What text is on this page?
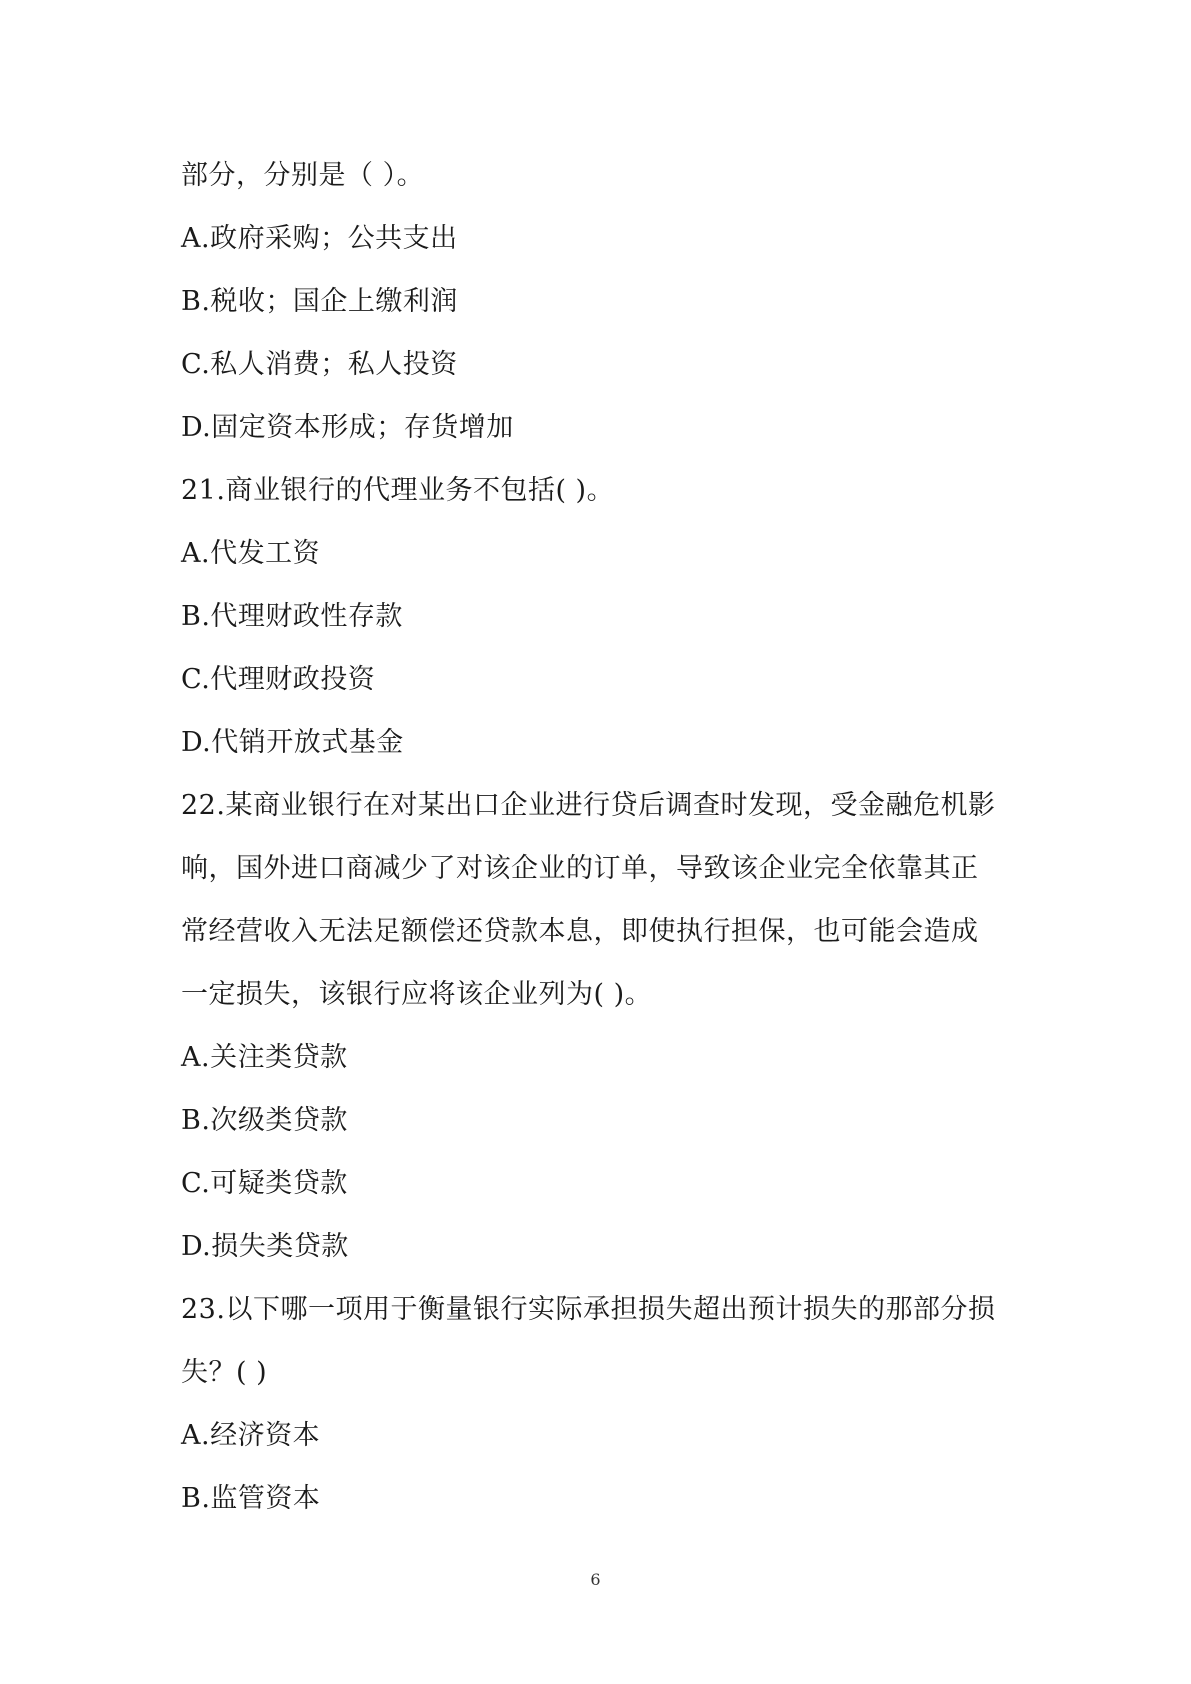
部分，分别是（ ）。
A.政府采购；公共支出
B.税收；国企上缴利润
C.私人消费；私人投资
D.固定资本形成；存货增加
21.商业银行的代理业务不包括( )。
A.代发工资
B.代理财政性存款
C.代理财政投资
D.代销开放式基金
22.某商业银行在对某出口企业进行贷后调查时发现，受金融危机影
响，国外进口商减少了对该企业的订单，导致该企业完全依靠其正
常经营收入无法足额偿还贷款本息，即使执行担保，也可能会造成
一定损失，该银行应将该企业列为( )。
A.关注类贷款
B.次级类贷款
C.可疑类贷款
D.损失类贷款
23.以下哪一项用于衡量银行实际承担损失超出预计损失的那部分损
失？( )
A.经济资本
B.监管资本
6
